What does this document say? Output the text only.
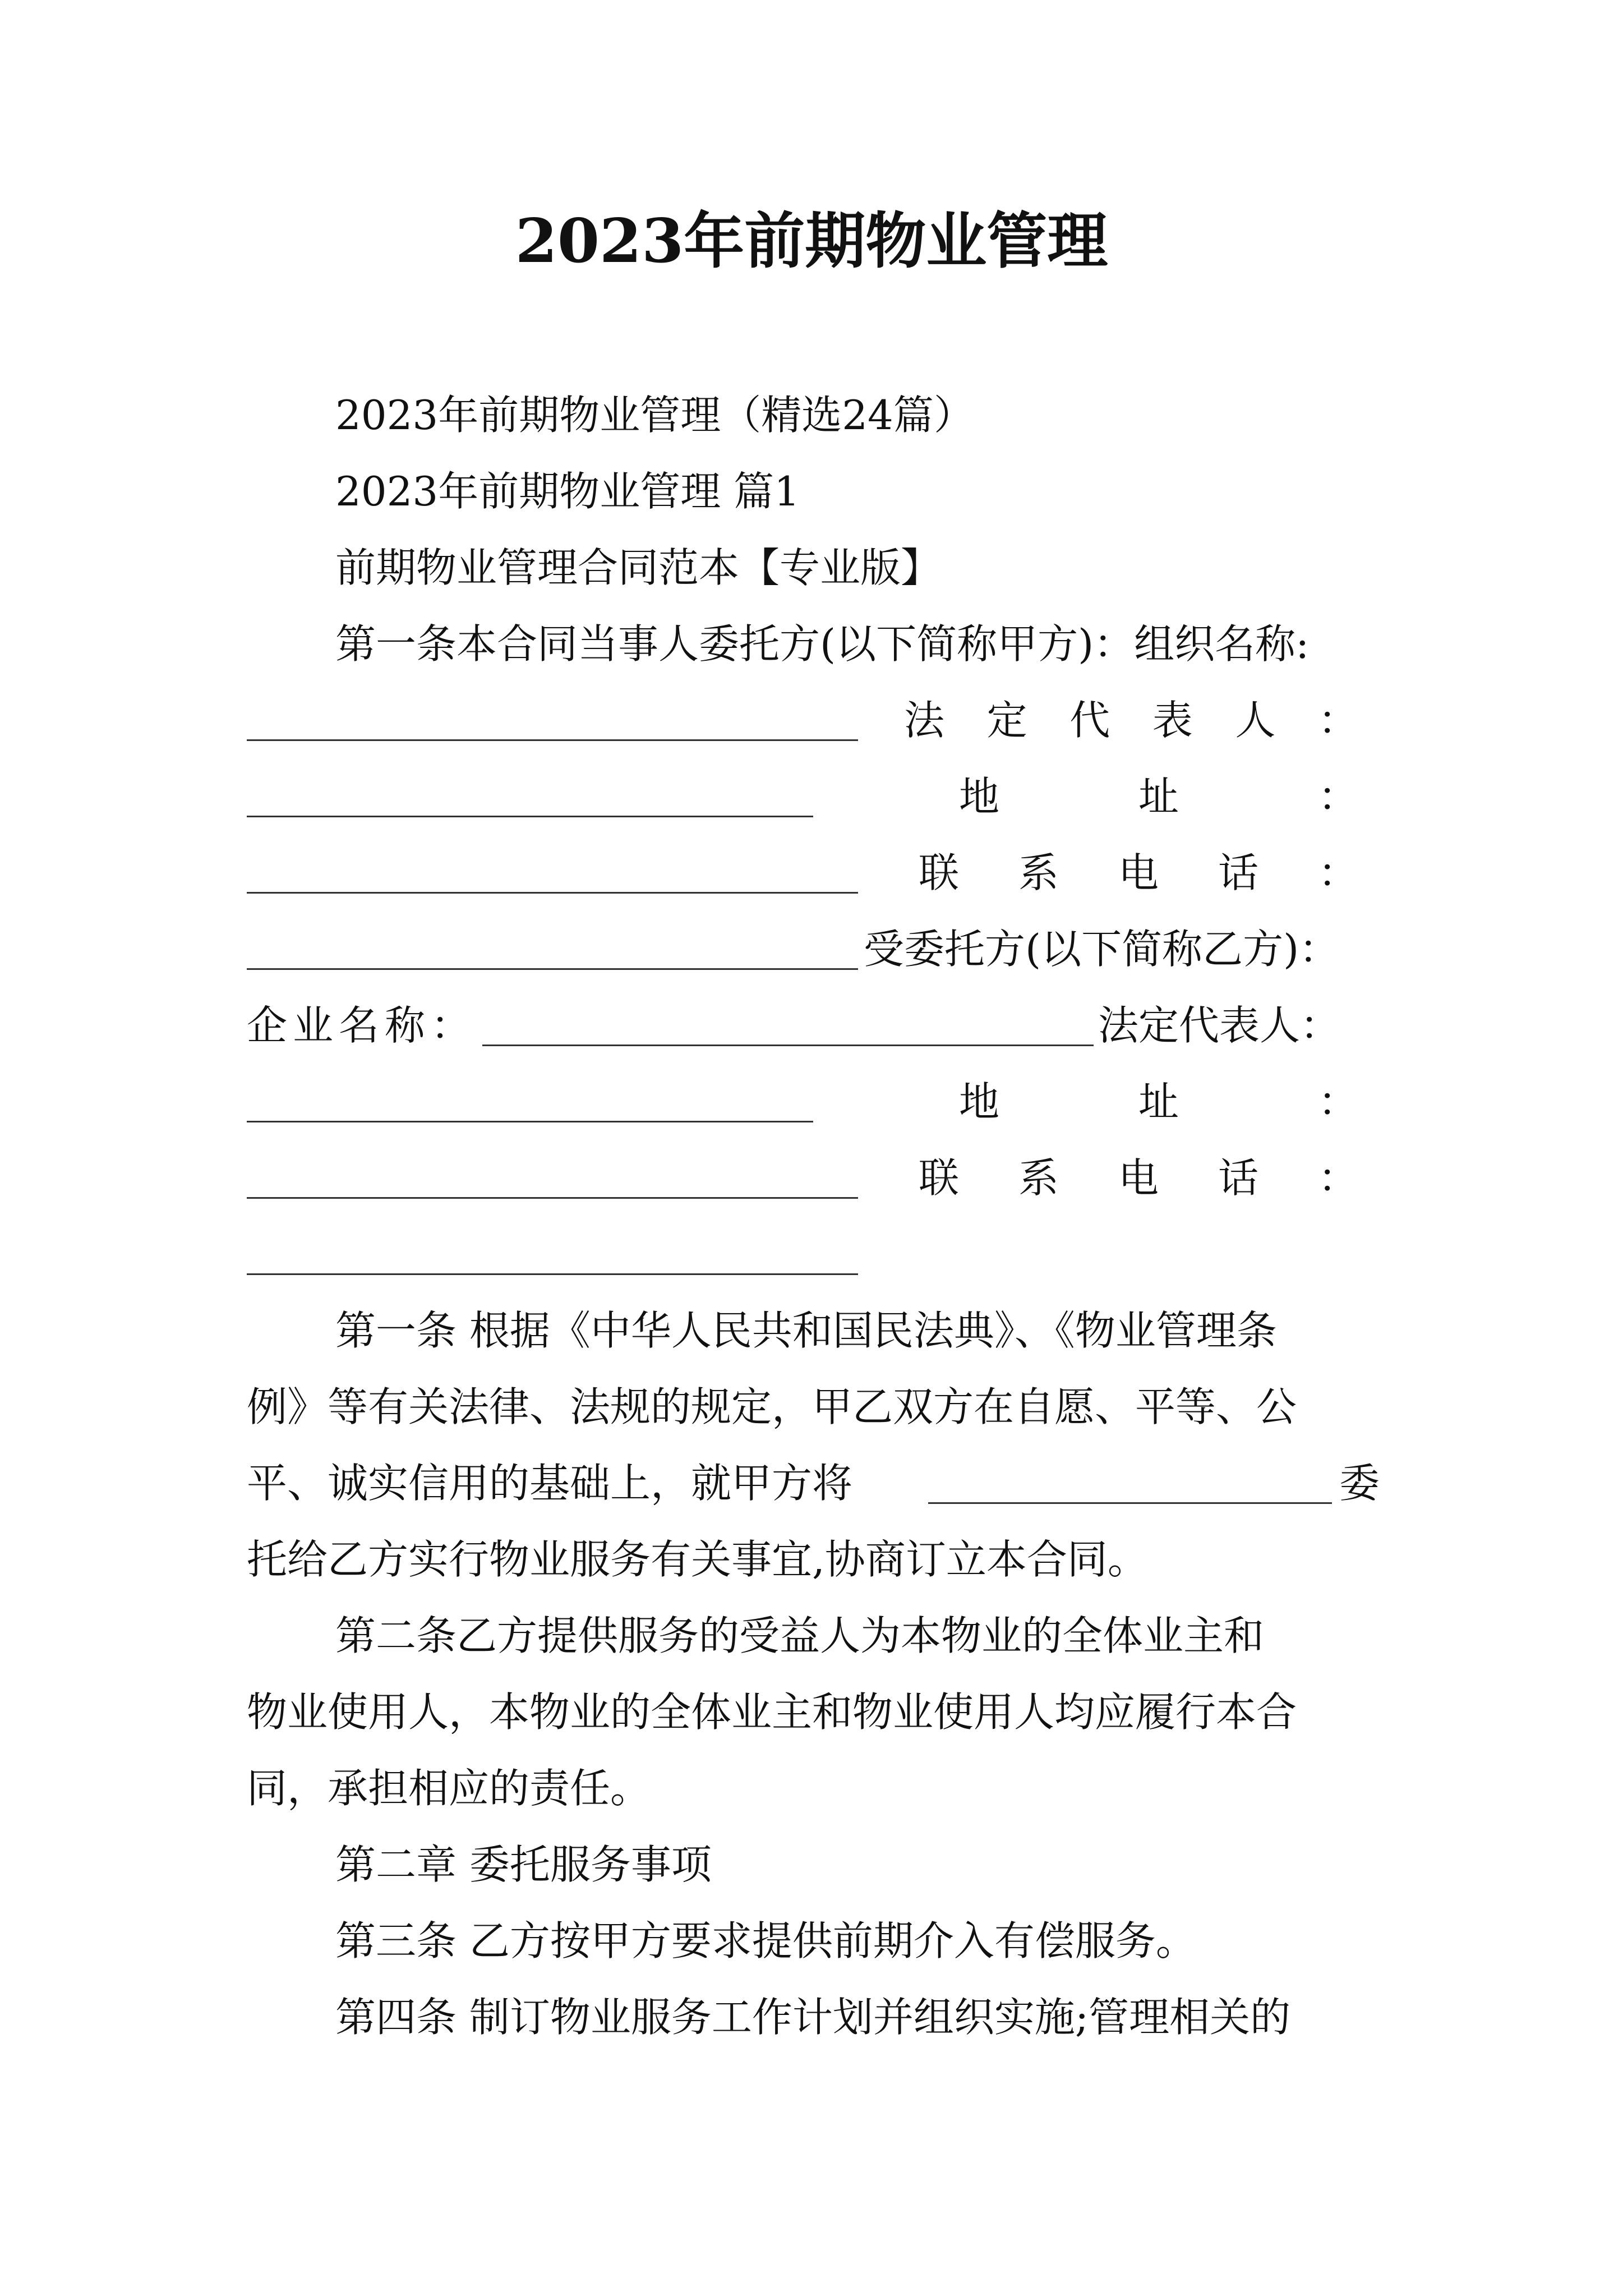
2023年前期物业管理
2023年前期物业管理（精选24篇）
2023年前期物业管理 篇1
前期物业管理合同范本【专业版】
第一条本合同当事人委托方(以下简称甲方)：组织名称:
法 定 代 表 人 ：
地	址	：
联 系 电 话 ：
受委托方(以下简称乙方)：
企业名称：	法定代表人：
地	址	：
联 系 电 话 ：
第一条 根据《中华人民共和国民法典》、《物业管理条
例》等有关法律、法规的规定，甲乙双方在自愿、平等、公
平、诚实信用的基础上，就甲方将	委
托给乙方实行物业服务有关事宜,协商订立本合同。
第二条乙方提供服务的受益人为本物业的全体业主和
物业使用人，本物业的全体业主和物业使用人均应履行本合
同，承担相应的责任。
第二章 委托服务事项
第三条 乙方按甲方要求提供前期介入有偿服务。
第四条 制订物业服务工作计划并组织实施;管理相关的
